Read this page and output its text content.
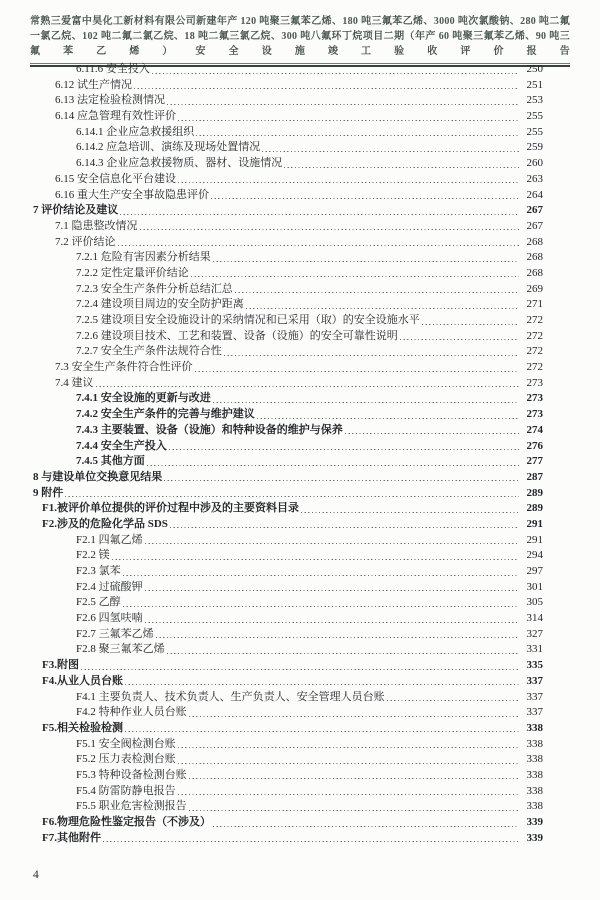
常熟三爱富中昊化工新材料有限公司新建年产 120 吨聚三氟苯乙烯、180 吨三氟苯乙烯、3000 吨次氯酸钠、280 吨二氟一氯乙烷、102 吨二氟二氯乙烷、18 吨二氟三氯乙烷、300 吨八氟环丁烷项目二期（年产 60 吨聚三氟苯乙烯、90 吨三氟苯乙烯）安全设施竣工验收评价报告
6.11.6 安全投入	250
6.12 试生产情况	251
6.13 法定检验检测情况	253
6.14 应急管理有效性评价	255
6.14.1 企业应急救援组织	255
6.14.2 应急培训、演练及现场处置情况	259
6.14.3 企业应急救援物质、器材、设施情况	260
6.15 安全信息化平台建设	263
6.16 重大生产安全事故隐患评价	264
7 评价结论及建议	267
7.1 隐患整改情况	267
7.2 评价结论	268
7.2.1 危险有害因素分析结果	268
7.2.2 定性定量评价结论	268
7.2.3 安全生产条件分析总结汇总	269
7.2.4 建设项目周边的安全防护距离	271
7.2.5 建设项目安全设施设计的采纳情况和已采用（取）的安全设施水平	272
7.2.6 建设项目技术、工艺和装置、设备（设施）的安全可靠性说明	272
7.2.7 安全生产条件法规符合性	272
7.3 安全生产条件符合性评价	272
7.4 建议	273
7.4.1 安全设施的更新与改进	273
7.4.2 安全生产条件的完善与维护建议	273
7.4.3 主要装置、设备（设施）和特种设备的维护与保养	274
7.4.4 安全生产投入	276
7.4.5 其他方面	277
8 与建设单位交换意见结果	287
9 附件	289
F1.被评价单位提供的评价过程中涉及的主要资料目录	289
F2.涉及的危险化学品 SDS	291
F2.1 四氟乙烯	291
F2.2 镁	294
F2.3 氯苯	297
F2.4 过硫酸钾	301
F2.5 乙醇	305
F2.6 四氢呋喃	314
F2.7 三氟苯乙烯	327
F2.8 聚三氟苯乙烯	331
F3.附图	335
F4.从业人员台账	337
F4.1 主要负责人、技术负责人、生产负责人、安全管理人员台账	337
F4.2 特种作业人员台账	337
F5.相关检验检测	338
F5.1 安全阀检测台账	338
F5.2 压力表检测台账	338
F5.3 特种设备检测台账	338
F5.4 防雷防静电报告	338
F5.5 职业危害检测报告	338
F6.物理危险性鉴定报告（不涉及）	339
F7.其他附件	339
4
